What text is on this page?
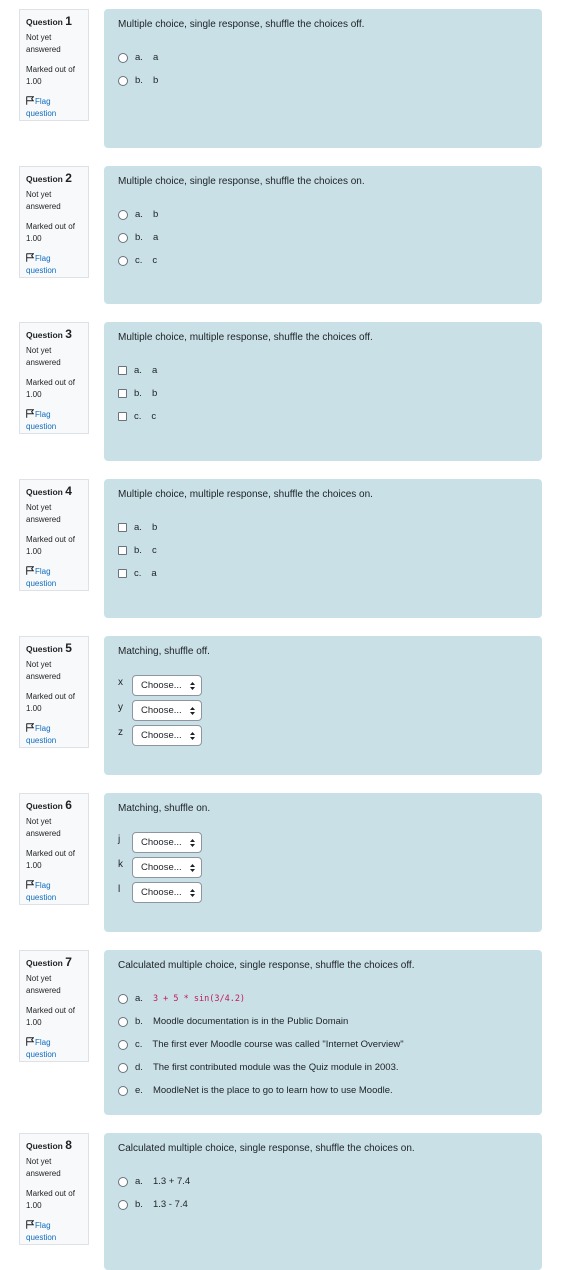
Question 1
Not yet answered
Marked out of 1.00
Flag question
Multiple choice, single response, shuffle the choices off.
a. a
b. b
Question 2
Not yet answered
Marked out of 1.00
Flag question
Multiple choice, single response, shuffle the choices on.
a. b
b. a
c. c
Question 3
Not yet answered
Marked out of 1.00
Flag question
Multiple choice, multiple response, shuffle the choices off.
a. a
b. b
c. c
Question 4
Not yet answered
Marked out of 1.00
Flag question
Multiple choice, multiple response, shuffle the choices on.
a. b
b. c
c. a
Question 5
Not yet answered
Marked out of 1.00
Flag question
Matching, shuffle off.
x	Choose...
y	Choose...
z	Choose...
Question 6
Not yet answered
Marked out of 1.00
Flag question
Matching, shuffle on.
j	Choose...
k	Choose...
l	Choose...
Question 7
Not yet answered
Marked out of 1.00
Flag question
Calculated multiple choice, single response, shuffle the choices off.
a. 3 + 5 * sin(3/4.2)
b. Moodle documentation is in the Public Domain
c. The first ever Moodle course was called "Internet Overview"
d. The first contributed module was the Quiz module in 2003.
e. MoodleNet is the place to go to learn how to use Moodle.
Question 8
Not yet answered
Marked out of 1.00
Flag question
Calculated multiple choice, single response, shuffle the choices on.
a. 1.3 + 7.4
b. 1.3 - 7.4
